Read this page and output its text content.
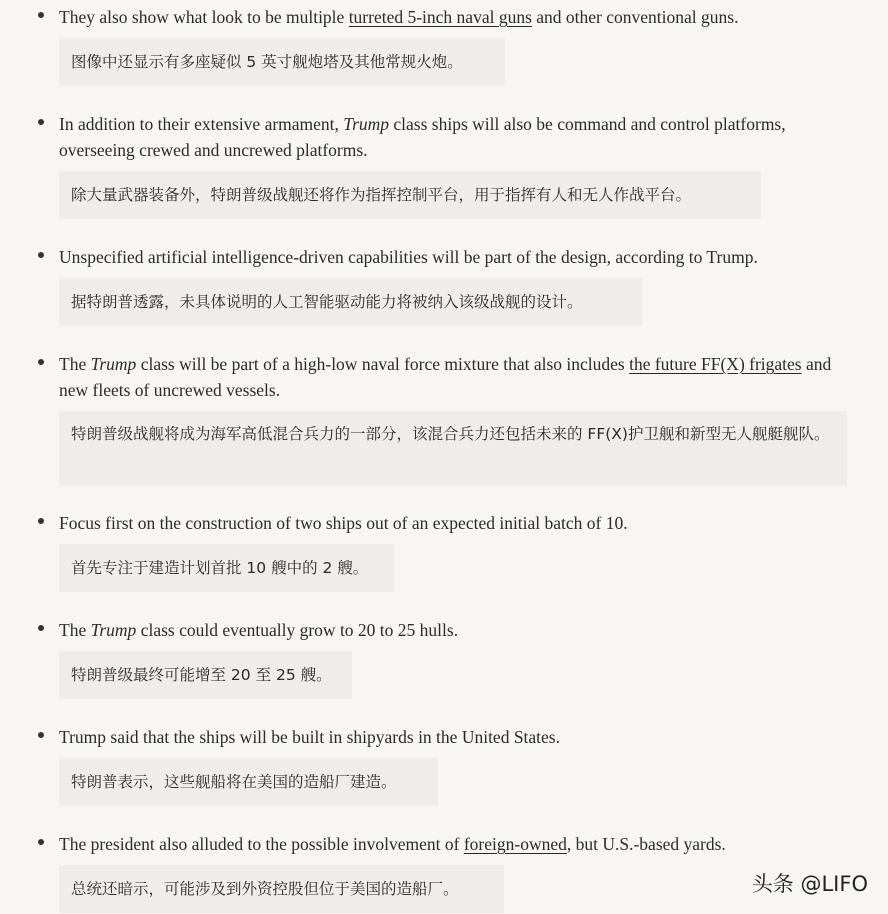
They also show what look to be multiple turreted 5-inch naval guns and other conventional guns.
图像中还显示有多座疑似 5 英寸舰炮塔及其他常规火炮。
In addition to their extensive armament, Trump class ships will also be command and control platforms, overseeing crewed and uncrewed platforms.
除大量武器装备外，特朗普级战舰还将作为指挥控制平台，用于指挥有人和无人作战平台。
Unspecified artificial intelligence-driven capabilities will be part of the design, according to Trump.
据特朗普透露，未具体说明的人工智能驱动能力将被纳入该级战舰的设计。
The Trump class will be part of a high-low naval force mixture that also includes the future FF(X) frigates and new fleets of uncrewed vessels.
特朗普级战舰将成为海军高低混合兵力的一部分，该混合兵力还包括未来的 FF(X)护卫舰和新型无人舰艇舰队。
Focus first on the construction of two ships out of an expected initial batch of 10.
首先专注于建造计划首批 10 艘中的 2 艘。
The Trump class could eventually grow to 20 to 25 hulls.
特朗普级最终可能增至 20 至 25 艘。
Trump said that the ships will be built in shipyards in the United States.
特朗普表示，这些舰船将在美国的造船厂建造。
The president also alluded to the possible involvement of foreign-owned, but U.S.-based yards.
总统还暗示，可能涉及到外资控股但位于美国的造船厂。	头条 @LIFO
